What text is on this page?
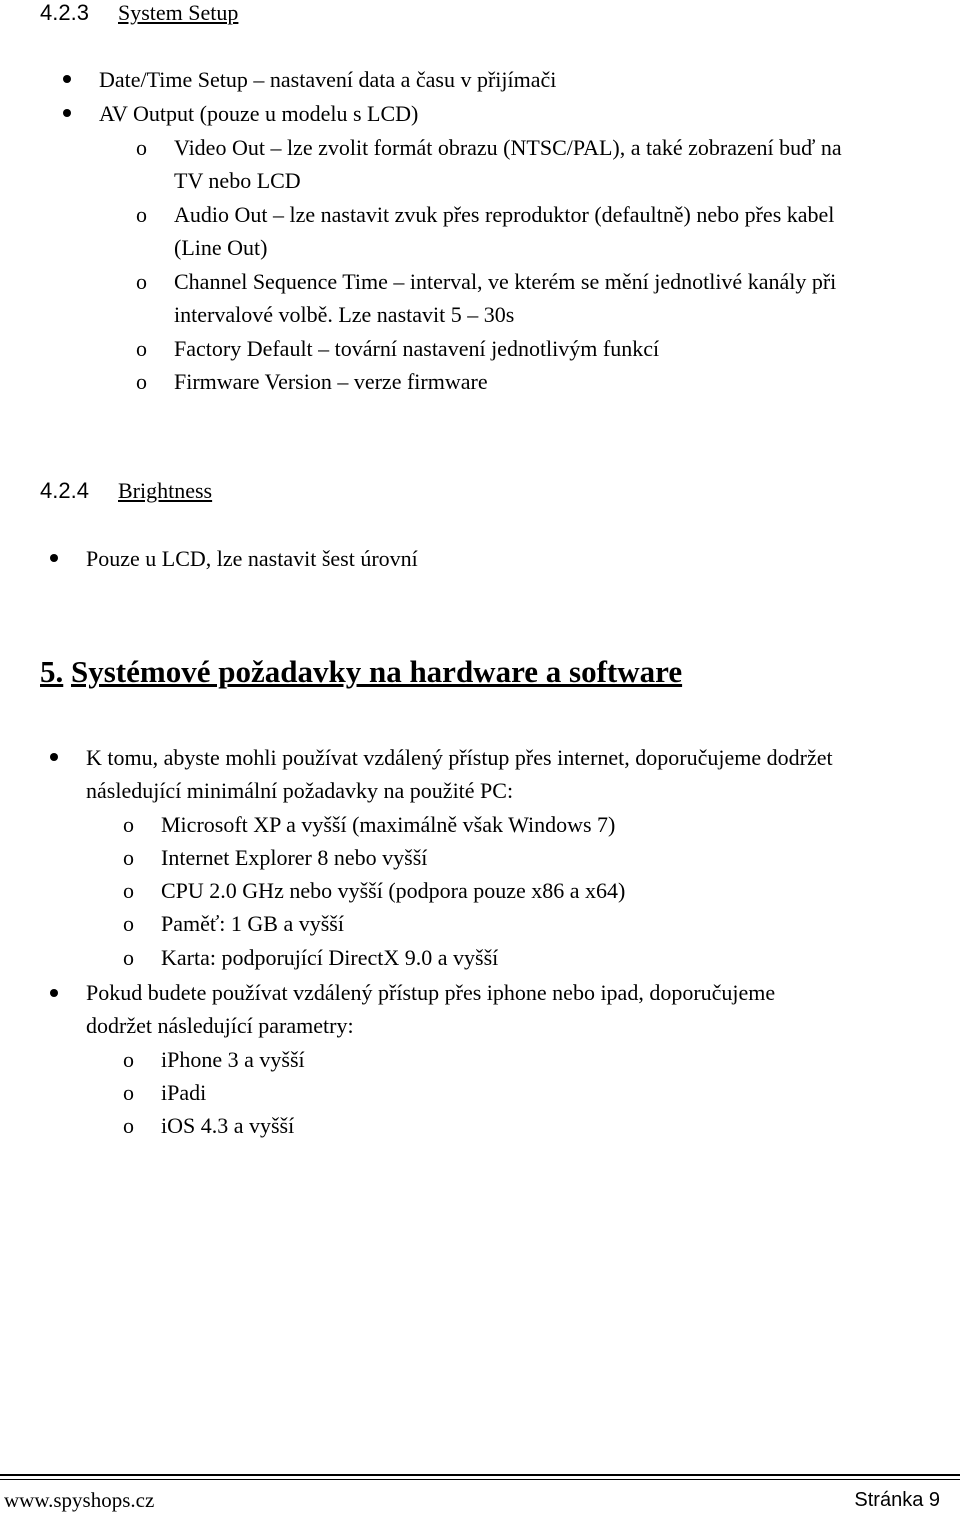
4.2.3 System Setup
Date/Time Setup – nastavení data a času v přijímači
AV Output (pouze u modelu s LCD)
o Video Out – lze zvolit formát obrazu (NTSC/PAL), a také zobrazení buď na
TV nebo LCD
o Audio Out – lze nastavit zvuk přes reproduktor (defaultně) nebo přes kabel
(Line Out)
o Channel Sequence Time – interval, ve kterém se mění jednotlivé kanály při
intervalové volbě. Lze nastavit 5 – 30s
o Factory Default – tovární nastavení jednotlivým funkcí
o Firmware Version – verze firmware
4.2.4 Brightness
Pouze u LCD, lze nastavit šest úrovní
5. Systémové požadavky na hardware a software
K tomu, abyste mohli používat vzdálený přístup přes internet, doporučujeme dodržet
následující minimální požadavky na použité PC:
o Microsoft XP a vyšší (maximálně však Windows 7)
o Internet Explorer 8 nebo vyšší
o CPU 2.0 GHz nebo vyšší (podpora pouze x86 a x64)
o Paměť: 1 GB a vyšší
o Karta: podporující DirectX 9.0 a vyšší
Pokud budete používat vzdálený přístup přes iphone nebo ipad, doporučujeme
dodržet následující parametry:
o iPhone 3 a vyšší
o iPadi
o iOS 4.3 a vyšší
www.spyshops.cz	Stránka 9
